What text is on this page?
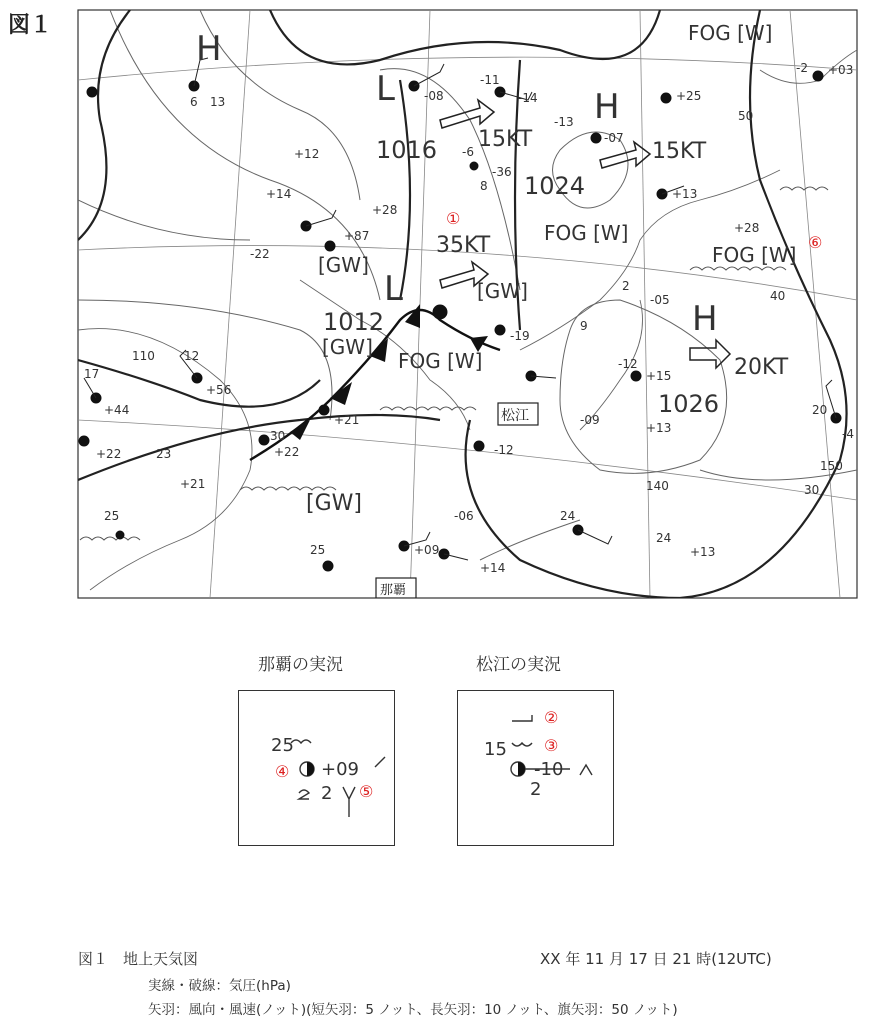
図１
1016
1024
1012
1026
H
H
H
L
L
FOG [W]
FOG [W]
FOG [W]
FOG [W]
[GW]
[GW]
[GW]
[GW]
15KT	15KT
35KT
20KT
松江
那覇
①
⑥
-08
-11
-14
-13
-07
-6
-36
+25
-2 +03
+12
+14
+28
+87
-22
+56
+44
+22
+21
-19
+13
+28
-05
-12
+15
-09
+13
+21
+22	-12
-06
+09
+14
+13
17
12
13
8
6
9
2
24
24
25
30
25
23
20
-4
150
140	30
40
50
110
那覇の実況
25
+09
2
④
⑤
松江の実況
15
-10
2
②
③
図１　地上天気図	XX 年 11 月 17 日 21 時(12UTC)
実線・破線：気圧(hPa)
矢羽：風向・風速(ノット)(短矢羽：5 ノット、長矢羽：10 ノット、旗矢羽：50 ノット)
